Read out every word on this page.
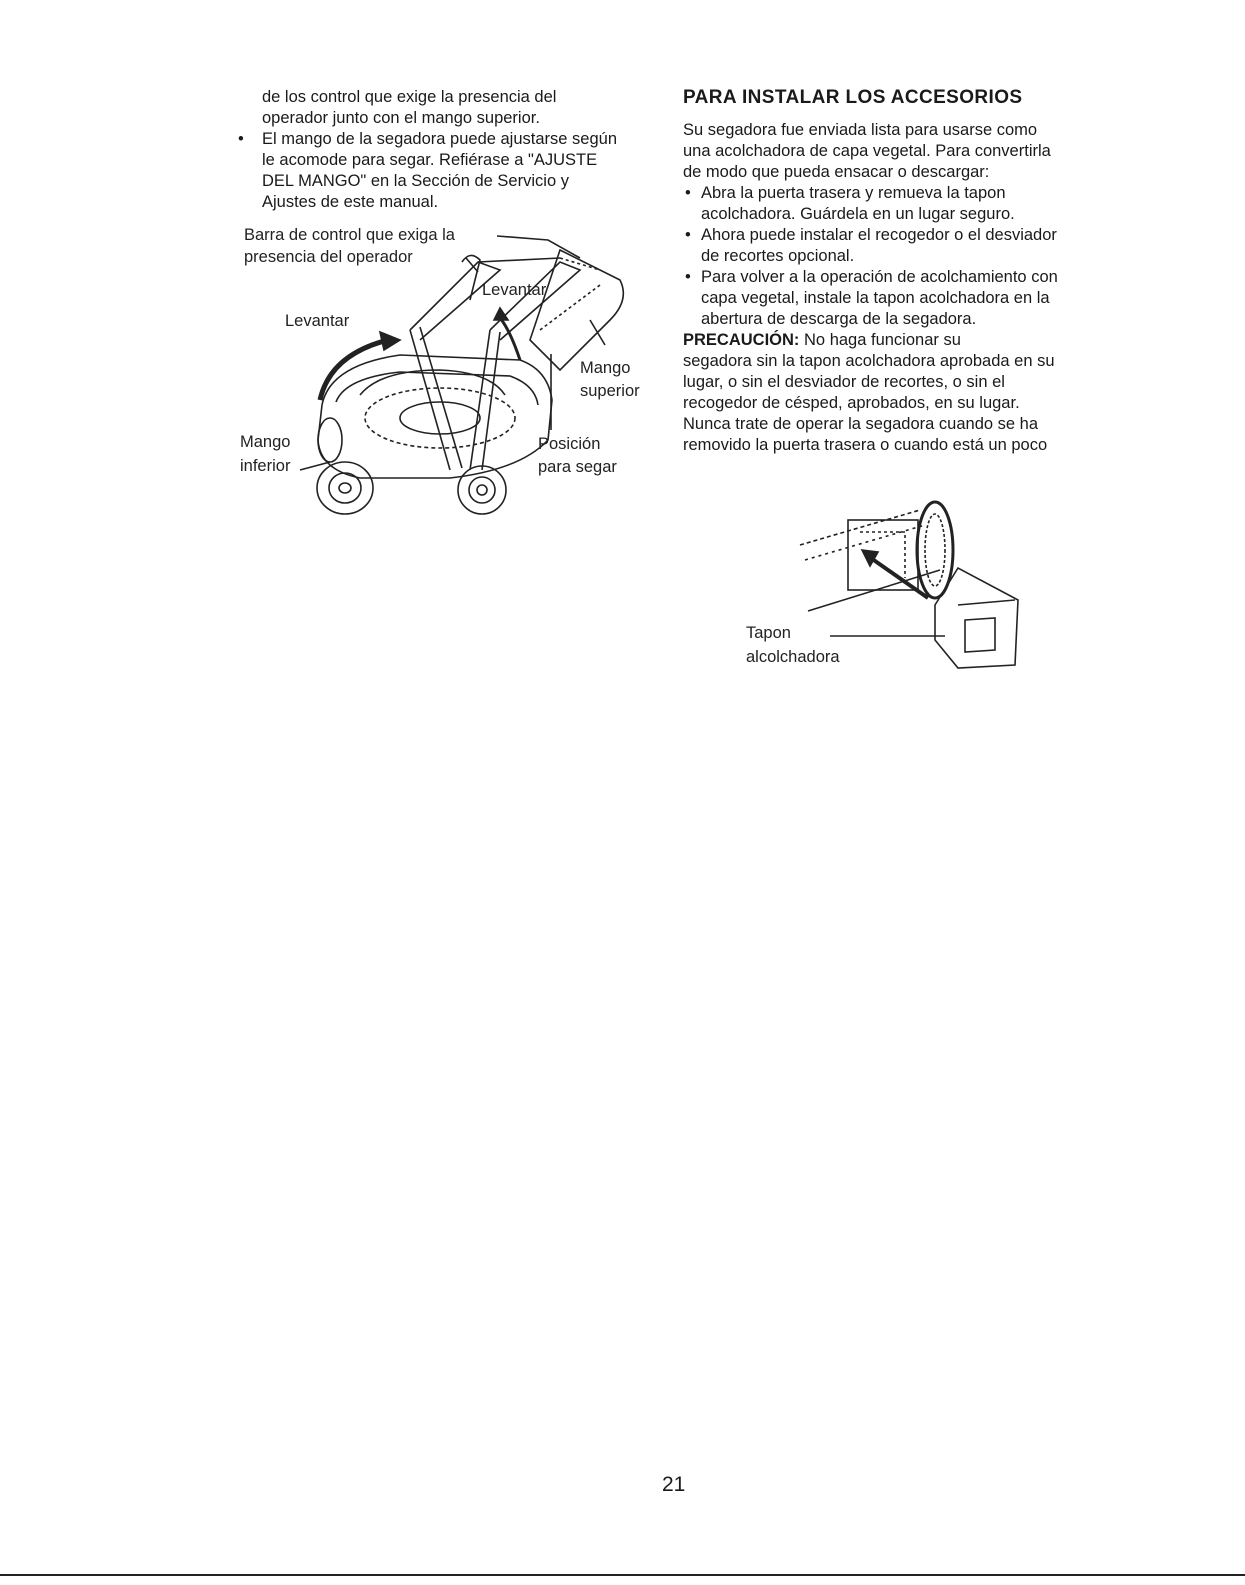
de los control que exige la presencia del

operador junto con el mango superior.

• El mango de la segadora puede ajustarse según

le acomode para segar. Refiérase a "AJUSTE

DEL MANGO" en la Sección de Servicio y

Ajustes de este manual.

Barra de control que exiga la
presencia del operador
Levantar
Levantar
Mango
superior
Posición
para segar
Mango
inferior
PARA INSTALAR LOS ACCESORIOS

Su segadora fue enviada lista para usarse como

una acolchadora de capa vegetal. Para convertirla

de modo que pueda ensacar o descargar:

• Abra la puerta trasera y remueva la tapon

acolchadora. Guárdela en un lugar seguro.

• Ahora puede instalar el recogedor o el desviador

de recortes opcional.

• Para volver a la operación de acolchamiento con

capa vegetal, instale la tapon acolchadora en la

abertura de descarga de la segadora.

PRECAUCIÓN: No haga funcionar su

segadora sin la tapon acolchadora aprobada en su

lugar, o sin el desviador de recortes, o sin el

recogedor de césped, aprobados, en su lugar.

Nunca trate de operar la segadora cuando se ha

removido la puerta trasera o cuando está un poco

Tapon
alcolchadora
21
